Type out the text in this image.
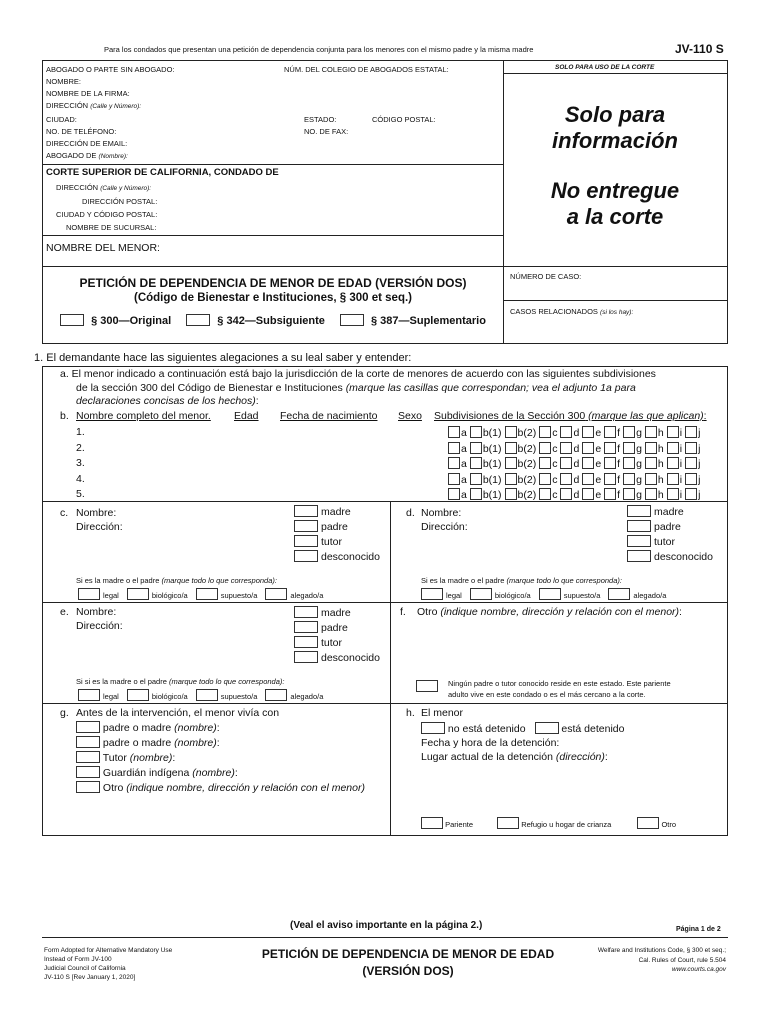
Para los condados que presentan una petición de dependencia conjunta para los menores con el mismo padre y la misma madre	JV-110 S
ABOGADO O PARTE SIN ABOGADO:	NÚM. DEL COLEGIO DE ABOGADOS ESTATAL:
NOMBRE:
NOMBRE DE LA FIRMA:
DIRECCIÓN (Calle y Número):
CIUDAD:	ESTADO:	CÓDIGO POSTAL:
NO. DE TELÉFONO:	NO. DE FAX:
DIRECCIÓN DE EMAIL:
ABOGADO DE (Nombre):
SOLO PARA USO DE LA CORTE
Solo para
información
No entregue
a la corte
CORTE SUPERIOR DE CALIFORNIA, CONDADO DE
DIRECCIÓN (Calle y Número):
DIRECCIÓN POSTAL:
CIUDAD Y CÓDIGO POSTAL:
NOMBRE DE SUCURSAL:
NOMBRE DEL MENOR:
PETICIÓN DE DEPENDENCIA DE MENOR DE EDAD (VERSIÓN DOS)
(Código de Bienestar e Instituciones, § 300 et seq.)
§ 300—Original	§ 342—Subsiguiente	§ 387—Suplementario
NÚMERO DE CASO:
CASOS RELACIONADOS (si los hay):
1. El demandante hace las siguientes alegaciones a su leal saber y entender:
a. El menor indicado a continuación está bajo la jurisdicción de la corte de menores de acuerdo con las siguientes subdivisiones
de la sección 300 del Código de Bienestar e Instituciones (marque las casillas que correspondan; vea el adjunto 1a para
declaraciones concisas de los hechos):
b. Nombre completo del menor. Edad Fecha de nacimiento Sexo Subdivisiones de la Sección 300 (marque las que aplican):
1.	a b(1) b(2) c d e f g h i j
2.	a b(1) b(2) c d e f g h i j
3.	a b(1) b(2) c d e f g h i j
4.	a b(1) b(2) c d e f g h i j
5.	a b(1) b(2) c d e f g h i j
c. Nombre:
Dirección:
madre
padre
tutor
desconocido
Si es la madre o el padre (marque todo lo que corresponda):
legal	biológico/a	supuesto/a	alegado/a
d. Nombre:
Dirección:
madre
padre
tutor
desconocido
Si es la madre o el padre (marque todo lo que corresponda):
legal	biológico/a	supuesto/a	alegado/a
e. Nombre:
Dirección:
madre
padre
tutor
desconocido
Si si es la madre o el padre (marque todo lo que corresponda):
legal	biológico/a	supuesto/a	alegado/a
f. Otro (indique nombre, dirección y relación con el menor):
Ningún padre o tutor conocido reside en este estado. Este pariente
adulto vive en este condado o es el más cercano a la corte.
g. Antes de la intervención, el menor vivía con
padre o madre (nombre):
padre o madre (nombre):
Tutor (nombre):
Guardián indígena (nombre):
Otro (indique nombre, dirección y relación con el menor)
h. El menor
no está detenido	está detenido
Fecha y hora de la detención:
Lugar actual de la detención (dirección):
Pariente	Refugio u hogar de crianza	Otro
(Veal el aviso importante en la página 2.)	Página 1 de 2
Form Adopted for Alternative Mandatory Use
Instead of Form JV-100
Judicial Council of California
JV-110 S [Rev January 1, 2020]
PETICIÓN DE DEPENDENCIA DE MENOR DE EDAD
(VERSIÓN DOS)
Welfare and Institutions Code, § 300 et seq.;
Cal. Rules of Court, rule 5.504
www.courts.ca.gov
